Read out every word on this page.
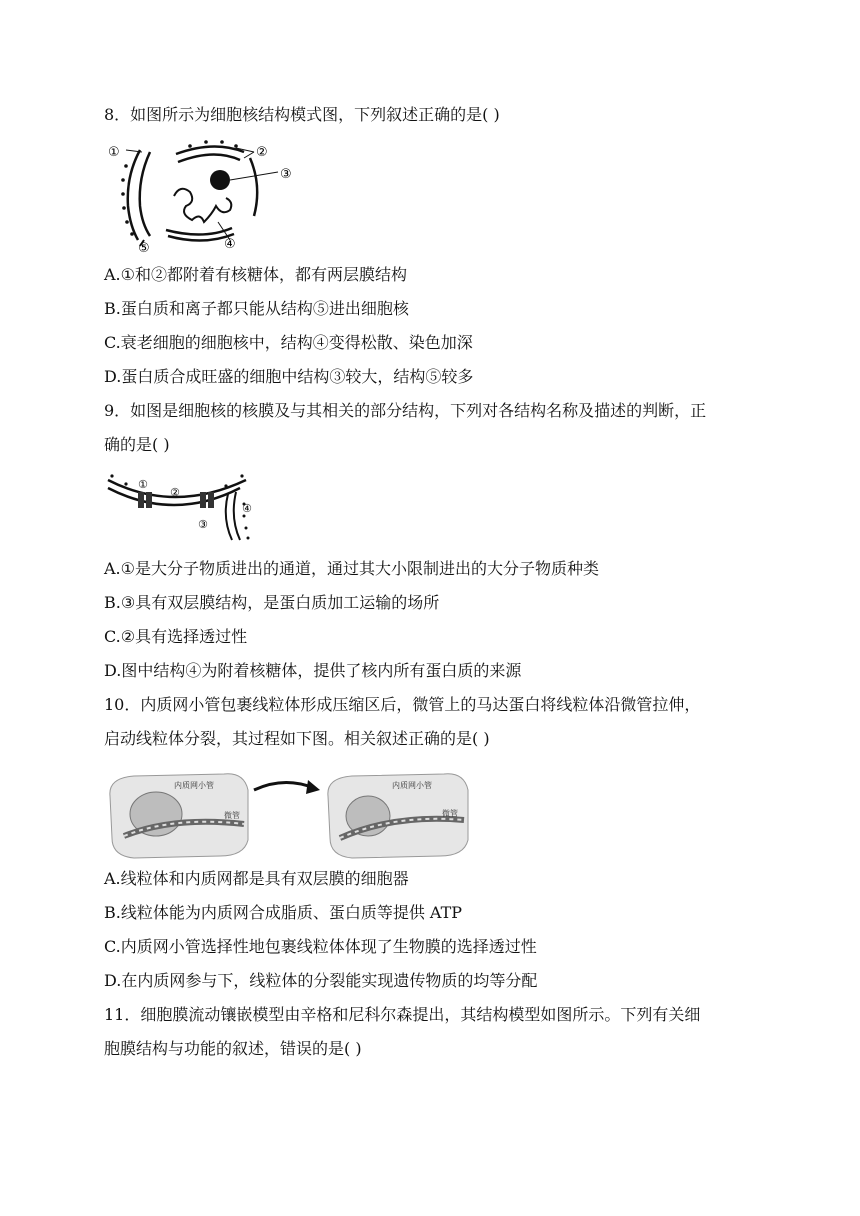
8．如图所示为细胞核结构模式图，下列叙述正确的是( )
①	②
③
④
⑤
A.①和②都附着有核糖体，都有两层膜结构
B.蛋白质和离子都只能从结构⑤进出细胞核
C.衰老细胞的细胞核中，结构④变得松散、染色加深
D.蛋白质合成旺盛的细胞中结构③较大，结构⑤较多
9．如图是细胞核的核膜及与其相关的部分结构，下列对各结构名称及描述的判断，正
确的是( )
①
②
③
④
A.①是大分子物质进出的通道，通过其大小限制进出的大分子物质种类
B.③具有双层膜结构，是蛋白质加工运输的场所
C.②具有选择透过性
D.图中结构④为附着核糖体，提供了核内所有蛋白质的来源
10．内质网小管包裹线粒体形成压缩区后，微管上的马达蛋白将线粒体沿微管拉伸，
启动线粒体分裂，其过程如下图。相关叙述正确的是( )
内质网小管
微管
内质网小管
微管
A.线粒体和内质网都是具有双层膜的细胞器
B.线粒体能为内质网合成脂质、蛋白质等提供 ATP
C.内质网小管选择性地包裹线粒体体现了生物膜的选择透过性
D.在内质网参与下，线粒体的分裂能实现遗传物质的均等分配
11．细胞膜流动镶嵌模型由辛格和尼科尔森提出，其结构模型如图所示。下列有关细
胞膜结构与功能的叙述，错误的是( )
